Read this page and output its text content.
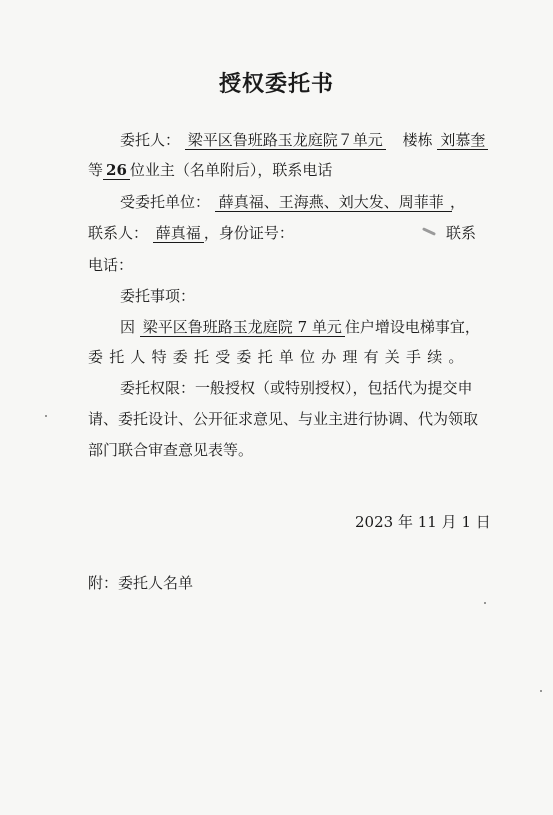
授权委托书
委托人： 梁平区鲁班路玉龙庭院７单元 楼栋 刘慕奎
等 26 位业主（名单附后），联系电话
受委托单位： 薛真福、王海燕、刘大发、周菲菲 ，
联系人： 薛真福 ，身份证号：	联系
电话：
委托事项：
因 梁平区鲁班路玉龙庭院 7 单元 住户增设电梯事宜，
委托人特委托受委托单位办理有关手续。
委托权限：一般授权（或特别授权），包括代为提交申
请、委托设计、公开征求意见、与业主进行协调、代为领取
部门联合审查意见表等。
2023 年 11 月 1 日
附：委托人名单
